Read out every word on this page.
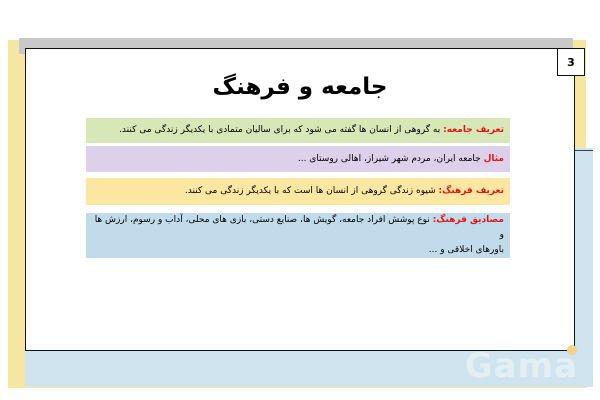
3
جامعه و فرهنگ
تعریف جامعه: به گروهی از انسان ها گفته می شود که برای سالیان متمادی با یکدیگر زندگی می کنند.
مثال جامعه ایران، مردم شهر شیراز، اهالی روستای ...
تعریف فرهنگ: شیوه زندگی گروهی از انسان ها است که با یکدیگر زندگی می کنند.
مصادیق فرهنگ: نوع پوشش افراد جامعه، گویش ها، صنایع دستی، بازی های محلی، آداب و رسوم، ارزش ها و
باورهای اخلاقی و ...
Gama
